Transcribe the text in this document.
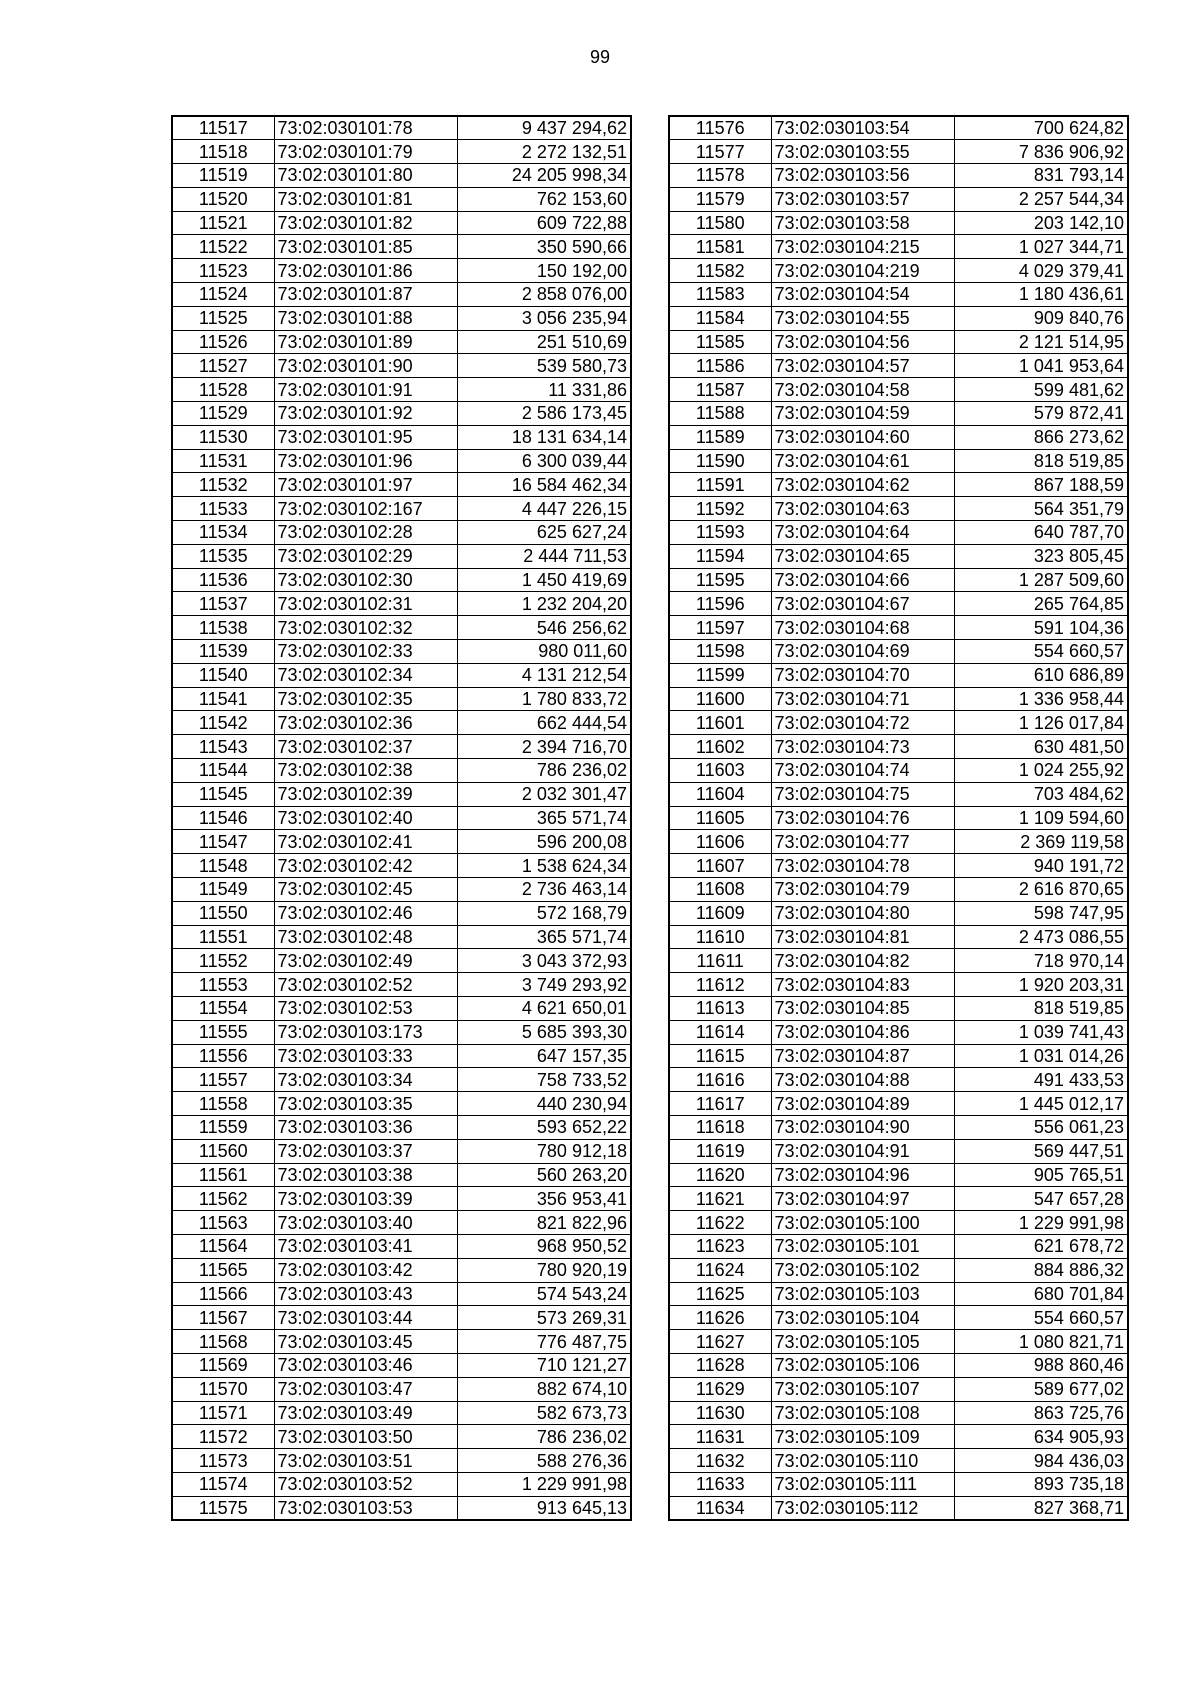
99
11517	73:02:030101:78	9 437 294,62
11518	73:02:030101:79	2 272 132,51
11519	73:02:030101:80	24 205 998,34
11520	73:02:030101:81	762 153,60
11521	73:02:030101:82	609 722,88
11522	73:02:030101:85	350 590,66
11523	73:02:030101:86	150 192,00
11524	73:02:030101:87	2 858 076,00
11525	73:02:030101:88	3 056 235,94
11526	73:02:030101:89	251 510,69
11527	73:02:030101:90	539 580,73
11528	73:02:030101:91	11 331,86
11529	73:02:030101:92	2 586 173,45
11530	73:02:030101:95	18 131 634,14
11531	73:02:030101:96	6 300 039,44
11532	73:02:030101:97	16 584 462,34
11533	73:02:030102:167	4 447 226,15
11534	73:02:030102:28	625 627,24
11535	73:02:030102:29	2 444 711,53
11536	73:02:030102:30	1 450 419,69
11537	73:02:030102:31	1 232 204,20
11538	73:02:030102:32	546 256,62
11539	73:02:030102:33	980 011,60
11540	73:02:030102:34	4 131 212,54
11541	73:02:030102:35	1 780 833,72
11542	73:02:030102:36	662 444,54
11543	73:02:030102:37	2 394 716,70
11544	73:02:030102:38	786 236,02
11545	73:02:030102:39	2 032 301,47
11546	73:02:030102:40	365 571,74
11547	73:02:030102:41	596 200,08
11548	73:02:030102:42	1 538 624,34
11549	73:02:030102:45	2 736 463,14
11550	73:02:030102:46	572 168,79
11551	73:02:030102:48	365 571,74
11552	73:02:030102:49	3 043 372,93
11553	73:02:030102:52	3 749 293,92
11554	73:02:030102:53	4 621 650,01
11555	73:02:030103:173	5 685 393,30
11556	73:02:030103:33	647 157,35
11557	73:02:030103:34	758 733,52
11558	73:02:030103:35	440 230,94
11559	73:02:030103:36	593 652,22
11560	73:02:030103:37	780 912,18
11561	73:02:030103:38	560 263,20
11562	73:02:030103:39	356 953,41
11563	73:02:030103:40	821 822,96
11564	73:02:030103:41	968 950,52
11565	73:02:030103:42	780 920,19
11566	73:02:030103:43	574 543,24
11567	73:02:030103:44	573 269,31
11568	73:02:030103:45	776 487,75
11569	73:02:030103:46	710 121,27
11570	73:02:030103:47	882 674,10
11571	73:02:030103:49	582 673,73
11572	73:02:030103:50	786 236,02
11573	73:02:030103:51	588 276,36
11574	73:02:030103:52	1 229 991,98
11575	73:02:030103:53	913 645,13
11576	73:02:030103:54	700 624,82
11577	73:02:030103:55	7 836 906,92
11578	73:02:030103:56	831 793,14
11579	73:02:030103:57	2 257 544,34
11580	73:02:030103:58	203 142,10
11581	73:02:030104:215	1 027 344,71
11582	73:02:030104:219	4 029 379,41
11583	73:02:030104:54	1 180 436,61
11584	73:02:030104:55	909 840,76
11585	73:02:030104:56	2 121 514,95
11586	73:02:030104:57	1 041 953,64
11587	73:02:030104:58	599 481,62
11588	73:02:030104:59	579 872,41
11589	73:02:030104:60	866 273,62
11590	73:02:030104:61	818 519,85
11591	73:02:030104:62	867 188,59
11592	73:02:030104:63	564 351,79
11593	73:02:030104:64	640 787,70
11594	73:02:030104:65	323 805,45
11595	73:02:030104:66	1 287 509,60
11596	73:02:030104:67	265 764,85
11597	73:02:030104:68	591 104,36
11598	73:02:030104:69	554 660,57
11599	73:02:030104:70	610 686,89
11600	73:02:030104:71	1 336 958,44
11601	73:02:030104:72	1 126 017,84
11602	73:02:030104:73	630 481,50
11603	73:02:030104:74	1 024 255,92
11604	73:02:030104:75	703 484,62
11605	73:02:030104:76	1 109 594,60
11606	73:02:030104:77	2 369 119,58
11607	73:02:030104:78	940 191,72
11608	73:02:030104:79	2 616 870,65
11609	73:02:030104:80	598 747,95
11610	73:02:030104:81	2 473 086,55
11611	73:02:030104:82	718 970,14
11612	73:02:030104:83	1 920 203,31
11613	73:02:030104:85	818 519,85
11614	73:02:030104:86	1 039 741,43
11615	73:02:030104:87	1 031 014,26
11616	73:02:030104:88	491 433,53
11617	73:02:030104:89	1 445 012,17
11618	73:02:030104:90	556 061,23
11619	73:02:030104:91	569 447,51
11620	73:02:030104:96	905 765,51
11621	73:02:030104:97	547 657,28
11622	73:02:030105:100	1 229 991,98
11623	73:02:030105:101	621 678,72
11624	73:02:030105:102	884 886,32
11625	73:02:030105:103	680 701,84
11626	73:02:030105:104	554 660,57
11627	73:02:030105:105	1 080 821,71
11628	73:02:030105:106	988 860,46
11629	73:02:030105:107	589 677,02
11630	73:02:030105:108	863 725,76
11631	73:02:030105:109	634 905,93
11632	73:02:030105:110	984 436,03
11633	73:02:030105:111	893 735,18
11634	73:02:030105:112	827 368,71
